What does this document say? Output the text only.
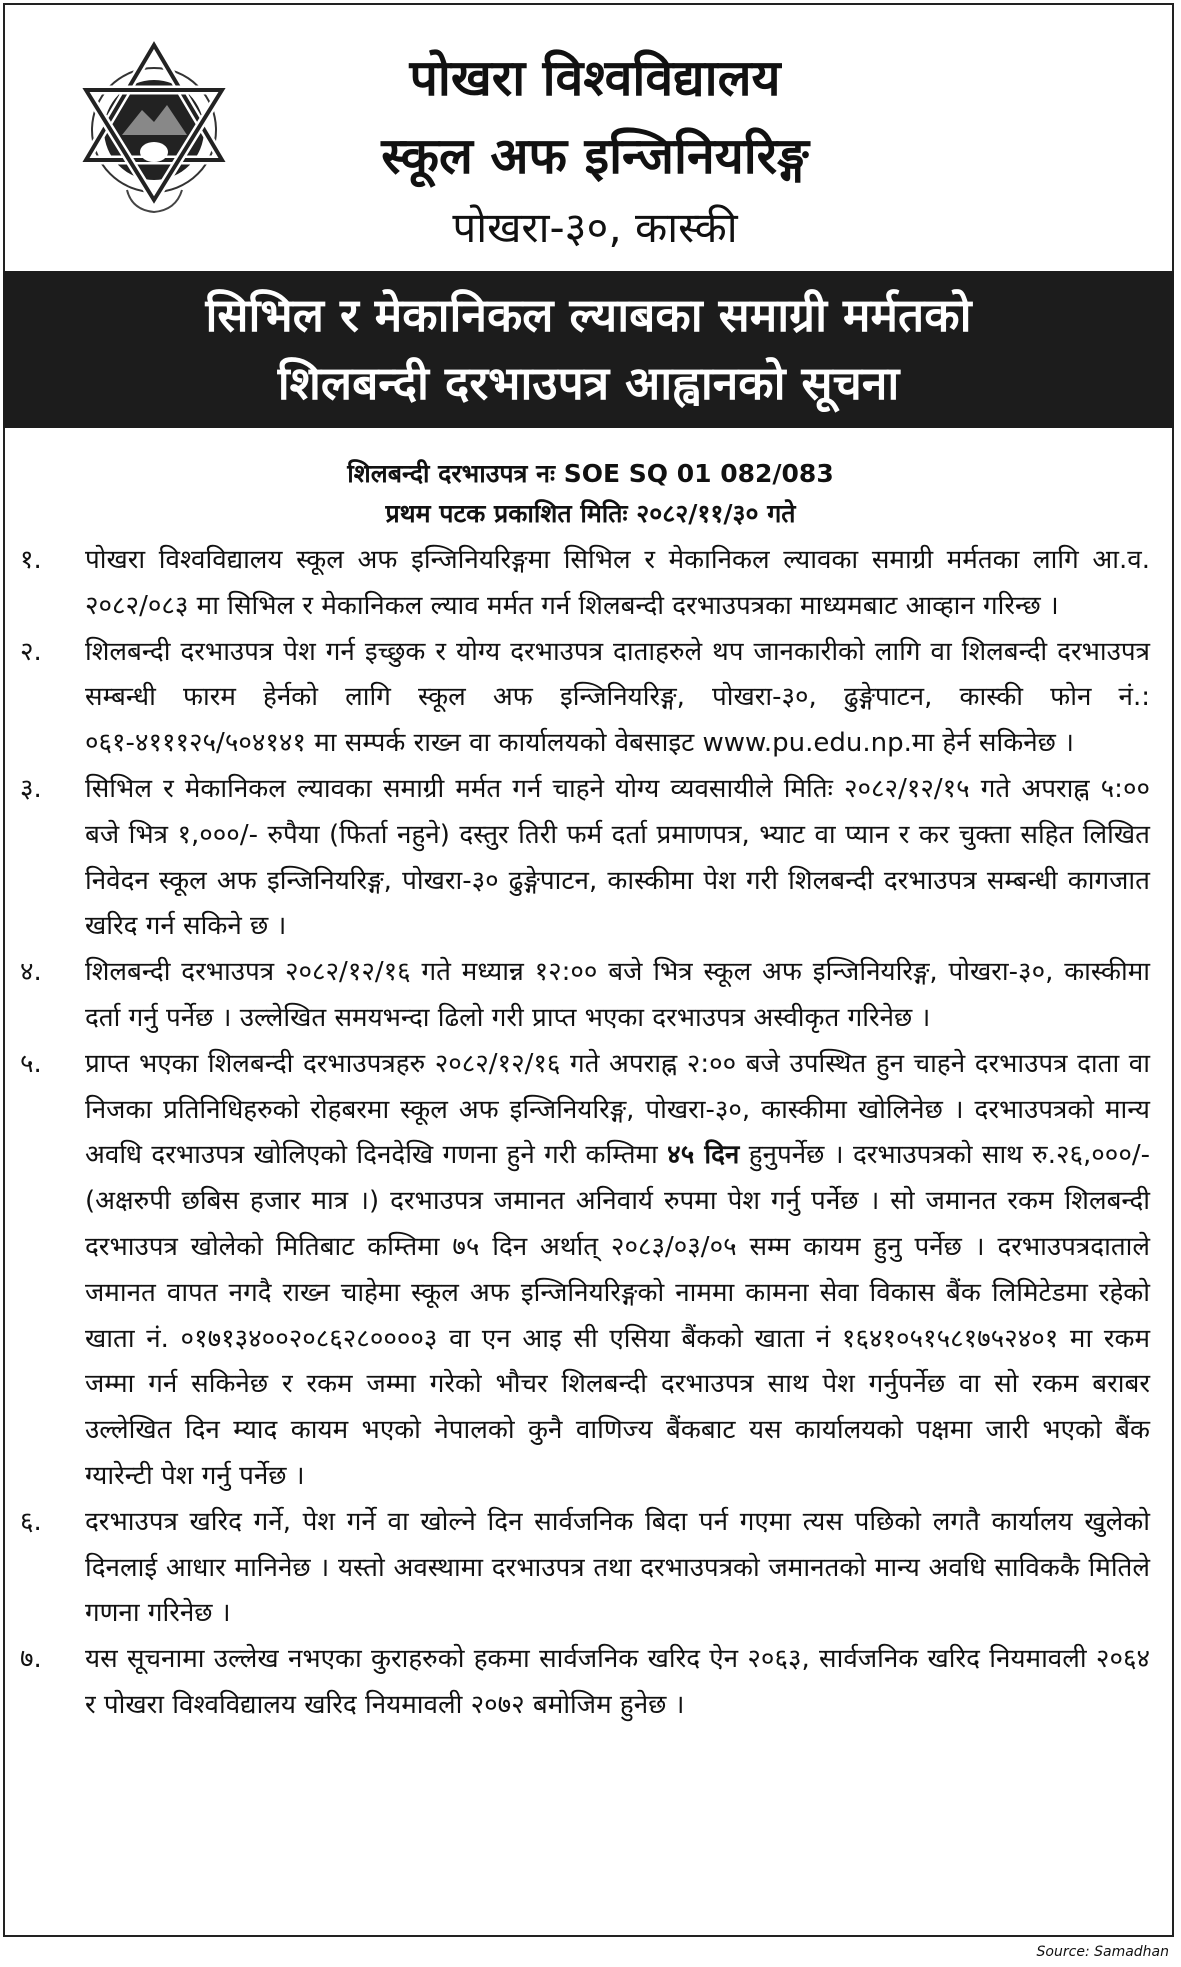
पोखरा विश्वविद्यालय
स्कूल अफ इन्जिनियरिङ्ग
पोखरा-३०, कास्की
सिभिल र मेकानिकल ल्याबका समाग्री मर्मतको
शिलबन्दी दरभाउपत्र आह्वानको सूचना
शिलबन्दी दरभाउपत्र नः SOE SQ 01 082/083
प्रथम पटक प्रकाशित मितिः २०८२/११/३० गते
१.	पोखरा विश्वविद्यालय स्कूल अफ इन्जिनियरिङ्गमा सिभिल र मेकानिकल ल्यावका समाग्री मर्मतका लागि आ.व. २०८२/०८३ मा सिभिल र मेकानिकल ल्याव मर्मत गर्न शिलबन्दी दरभाउपत्रका माध्यमबाट आव्हान गरिन्छ ।
२.	शिलबन्दी दरभाउपत्र पेश गर्न इच्छुक र योग्य दरभाउपत्र दाताहरुले थप जानकारीको लागि वा शिलबन्दी दरभाउपत्र सम्बन्धी फारम हेर्नको लागि स्कूल अफ इन्जिनियरिङ्ग, पोखरा-३०, ढुङ्गेपाटन, कास्की फोन नं.: ०६१-४१११२५/५०४१४१ मा सम्पर्क राख्न वा कार्यालयको वेबसाइट www.pu.edu.np.मा हेर्न सकिनेछ ।
३.	सिभिल र मेकानिकल ल्यावका समाग्री मर्मत गर्न चाहने योग्य व्यवसायीले मितिः २०८२/१२/१५ गते अपराह्न ५:०० बजे भित्र १,०००/- रुपैया (फिर्ता नहुने) दस्तुर तिरी फर्म दर्ता प्रमाणपत्र, भ्याट वा प्यान र कर चुक्ता सहित लिखित निवेदन स्कूल अफ इन्जिनियरिङ्ग, पोखरा-३० ढुङ्गेपाटन, कास्कीमा पेश गरी शिलबन्दी दरभाउपत्र सम्बन्धी कागजात खरिद गर्न सकिने छ ।
४.	शिलबन्दी दरभाउपत्र २०८२/१२/१६ गते मध्यान्न १२:०० बजे भित्र स्कूल अफ इन्जिनियरिङ्ग, पोखरा-३०, कास्कीमा दर्ता गर्नु पर्नेछ । उल्लेखित समयभन्दा ढिलो गरी प्राप्त भएका दरभाउपत्र अस्वीकृत गरिनेछ ।
५.	प्राप्त भएका शिलबन्दी दरभाउपत्रहरु २०८२/१२/१६ गते अपराह्न २:०० बजे उपस्थित हुन चाहने दरभाउपत्र दाता वा निजका प्रतिनिधिहरुको रोहबरमा स्कूल अफ इन्जिनियरिङ्ग, पोखरा-३०, कास्कीमा खोलिनेछ । दरभाउपत्रको मान्य अवधि दरभाउपत्र खोलिएको दिनदेखि गणना हुने गरी कम्तिमा ४५ दिन हुनुपर्नेछ । दरभाउपत्रको साथ रु.२६,०००/- (अक्षरुपी छबिस हजार मात्र ।) दरभाउपत्र जमानत अनिवार्य रुपमा पेश गर्नु पर्नेछ । सो जमानत रकम शिलबन्दी दरभाउपत्र खोलेको मितिबाट कम्तिमा ७५ दिन अर्थात् २०८३/०३/०५ सम्म कायम हुनु पर्नेछ । दरभाउपत्रदाताले जमानत वापत नगदै राख्न चाहेमा स्कूल अफ इन्जिनियरिङ्गको नाममा कामना सेवा विकास बैंक लिमिटेडमा रहेको खाता नं. ०१७१३४००२०८६२८००००३ वा एन आइ सी एसिया बैंकको खाता नं १६४१०५१५८१७५२४०१ मा रकम जम्मा गर्न सकिनेछ र रकम जम्मा गरेको भौचर शिलबन्दी दरभाउपत्र साथ पेश गर्नुपर्नेछ वा सो रकम बराबर उल्लेखित दिन म्याद कायम भएको नेपालको कुनै वाणिज्य बैंकबाट यस कार्यालयको पक्षमा जारी भएको बैंक ग्यारेन्टी पेश गर्नु पर्नेछ ।
६.	दरभाउपत्र खरिद गर्ने, पेश गर्ने वा खोल्ने दिन सार्वजनिक बिदा पर्न गएमा त्यस पछिको लगतै कार्यालय खुलेको दिनलाई आधार मानिनेछ । यस्तो अवस्थामा दरभाउपत्र तथा दरभाउपत्रको जमानतको मान्य अवधि साविककै मितिले गणना गरिनेछ ।
७.	यस सूचनामा उल्लेख नभएका कुराहरुको हकमा सार्वजनिक खरिद ऐन २०६३, सार्वजनिक खरिद नियमावली २०६४ र पोखरा विश्वविद्यालय खरिद नियमावली २०७२ बमोजिम हुनेछ ।
Source: Samadhan
